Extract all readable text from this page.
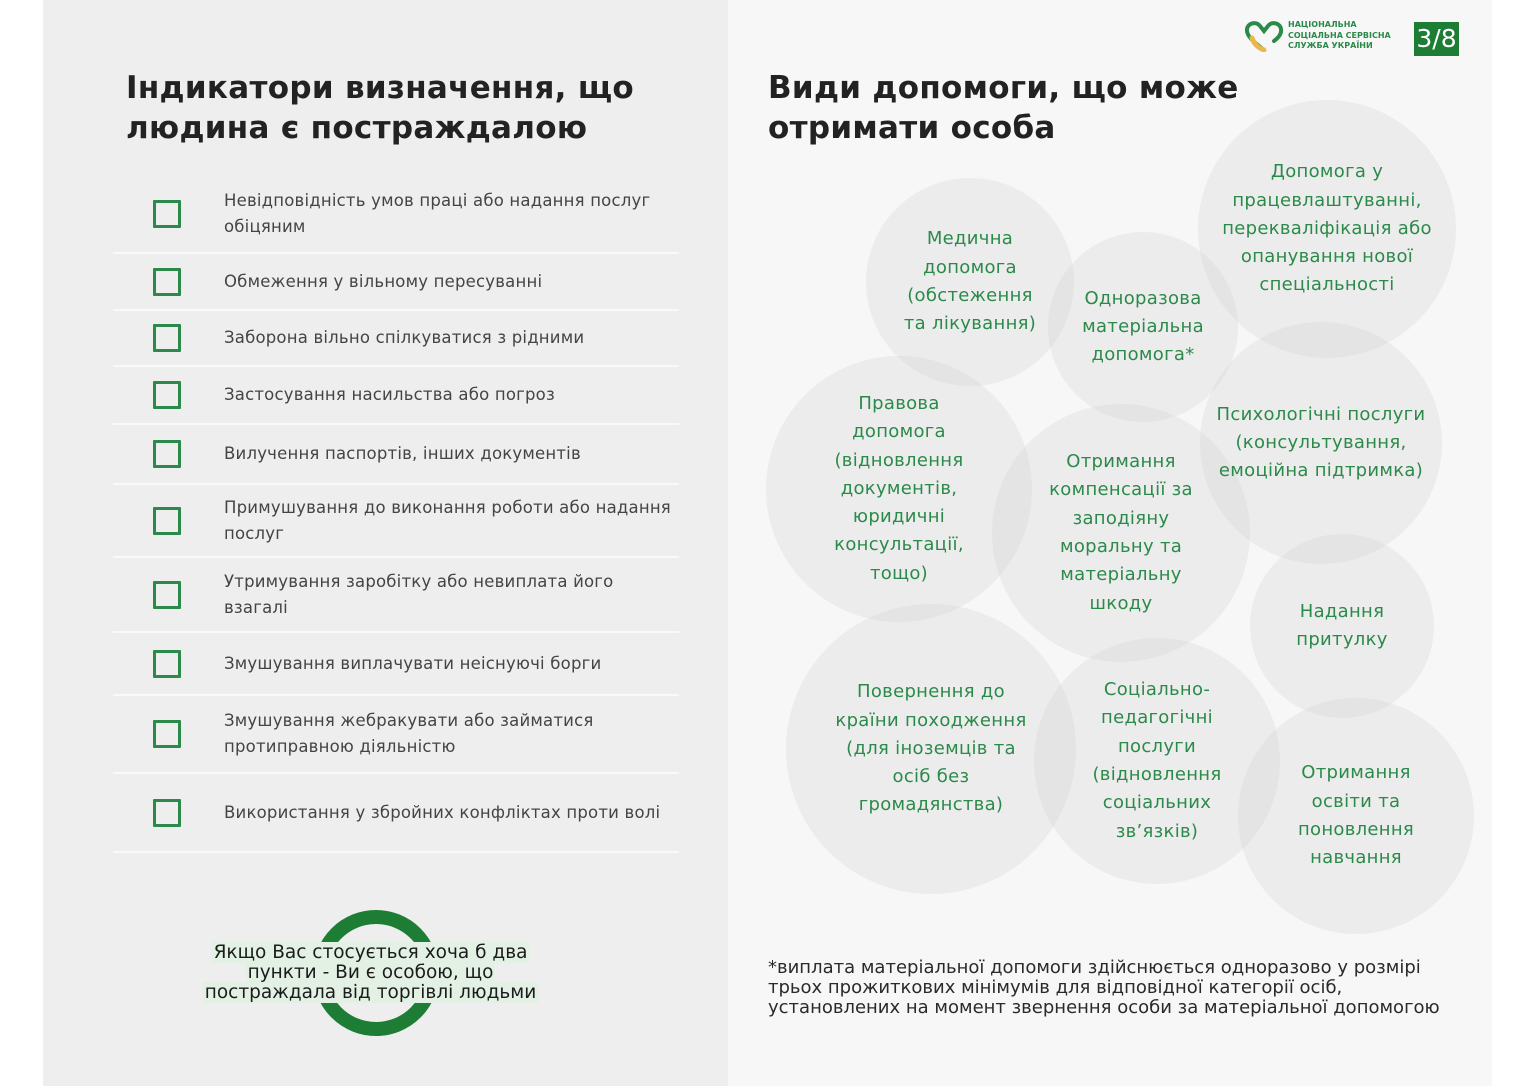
Індикатори визначення, що людина є постраждалою
Невідповідність умов праці або надання послуг обіцяним
Обмеження у вільному пересуванні
Заборона вільно спілкуватися з рідними
Застосування насильства або погроз
Вилучення паспортів, інших документів
Примушування до виконання роботи або надання послуг
Утримування заробітку або невиплата його взагалі
Змушування виплачувати неіснуючі борги
Змушування жебракувати або займатися протиправною діяльністю
Використання у збройних конфліктах проти волі
Якщо Вас стосується хоча б два пункти - Ви є особою, що постраждала від торгівлі людьми
НАЦІОНАЛЬНА
СОЦІАЛЬНА СЕРВІСНА
СЛУЖБА УКРАЇНИ	3/8
Види допомоги, що може отримати особа
Медична допомога (обстеження та лікування)
Одноразова матеріальна допомога*
Допомога у працевлаштуванні, перекваліфікація або опанування нової спеціальності
Правова допомога (відновлення документів, юридичні консультації, тощо)
Отримання компенсації за заподіяну моральну та матеріальну шкоду
Психологічні послуги (консультування, емоційна підтримка)
Надання притулку
Повернення до країни походження (для іноземців та осіб без громадянства)
Соціально-педагогічні послуги (відновлення соціальних зв’язків)
Отримання освіти та поновлення навчання
*виплата матеріальної допомоги здійснюється одноразово у розмірі трьох прожиткових мінімумів для відповідної категорії осіб, установлених на момент звернення особи за матеріальної допомогою
